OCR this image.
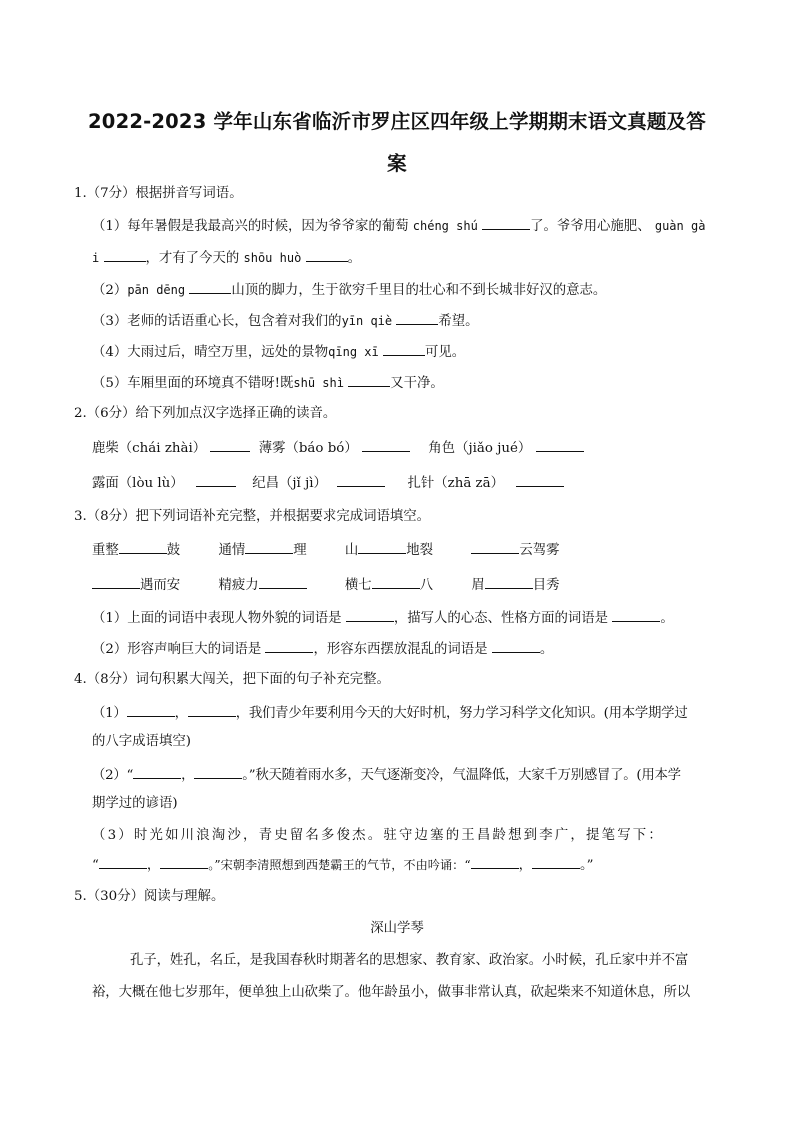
2022-2023 学年山东省临沂市罗庄区四年级上学期期末语文真题及答
案
1.（7分）根据拼音写词语。
（1）每年暑假是我最高兴的时候，因为爷爷家的葡萄 chéng shú	了。爷爷用心施肥、 guàn gà
i	，才有了今天的 shōu huò	。
（2）pān dēng	山顶的脚力，生于欲穷千里目的壮心和不到长城非好汉的意志。
（3）老师的话语重心长，包含着对我们的yīn qiè	希望。
（4）大雨过后，晴空万里，远处的景物qīng xī	可见。
（5）车厢里面的环境真不错呀!既shū shì	又干净。
2.（6分）给下列加点汉字选择正确的读音。
鹿柴（chái zhài）	薄雾（báo bó）	角色（jiǎo jué）
露面（lòu lù）	纪昌（jǐ jì）	扎针（zhā zā）
3.（8分）把下列词语补充完整，并根据要求完成词语填空。
重整	鼓	通情	理	山	地裂	云驾雾
遇而安	精疲力	横七	八	眉	目秀
（1）上面的词语中表现人物外貌的词语是	，描写人的心态、性格方面的词语是	。
（2）形容声响巨大的词语是	，形容东西摆放混乱的词语是	。
4.（8分）词句积累大闯关，把下面的句子补充完整。
（1）	，	，我们青少年要利用今天的大好时机，努力学习科学文化知识。(用本学期学过
的八字成语填空)
（2）“	，	。”秋天随着雨水多，天气逐渐变冷，气温降低，大家千万别感冒了。(用本学
期学过的谚语)
（3）时光如川浪淘沙，青史留名多俊杰。驻守边塞的王昌龄想到李广，提笔写下：
“	，	。”宋朝李清照想到西楚霸王的气节，不由吟诵：“	，	。”
5.（30分）阅读与理解。
深山学琴
孔子，姓孔，名丘，是我国春秋时期著名的思想家、教育家、政治家。小时候，孔丘家中并不富
裕，大概在他七岁那年，便单独上山砍柴了。他年龄虽小，做事非常认真，砍起柴来不知道休息，所以
